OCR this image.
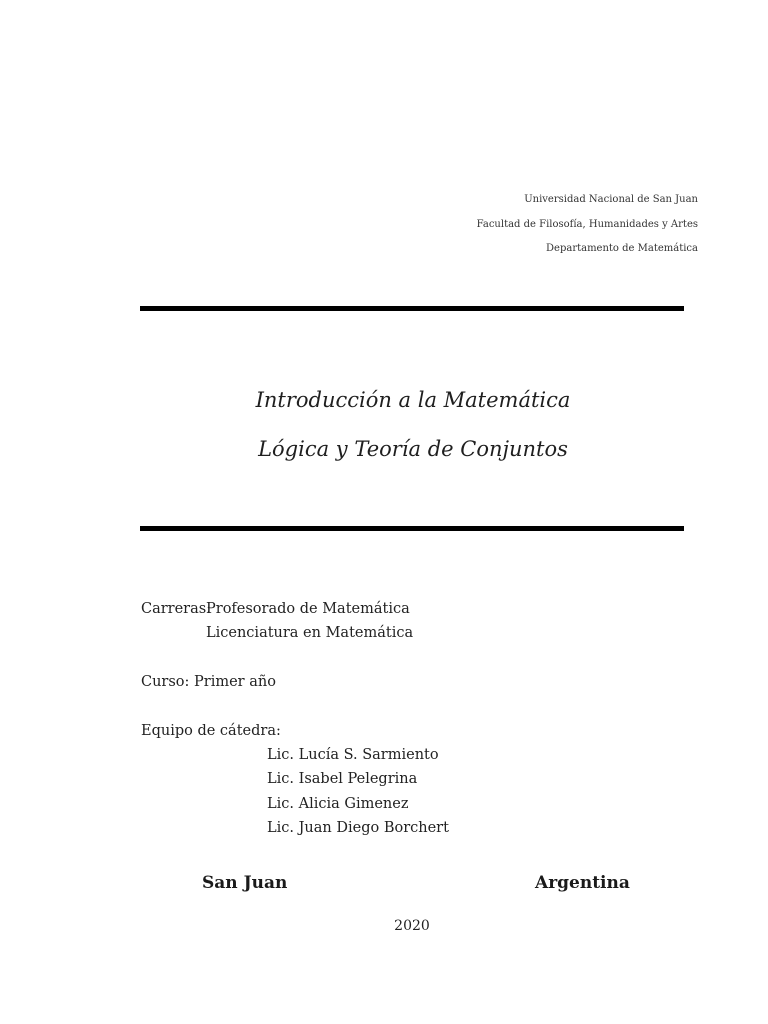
Universidad Nacional de San Juan
Facultad de Filosofía, Humanidades y Artes
Departamento de Matemática
Introducción a la Matemática
Lógica y Teoría de Conjuntos
Carreras:
Profesorado de Matemática
Licenciatura en Matemática
Curso: Primer año
Equipo de cátedra:
Lic. Lucía S. Sarmiento
Lic. Isabel Pelegrina
Lic. Alicia Gimenez
Lic. Juan Diego Borchert
San Juan	Argentina
2020
